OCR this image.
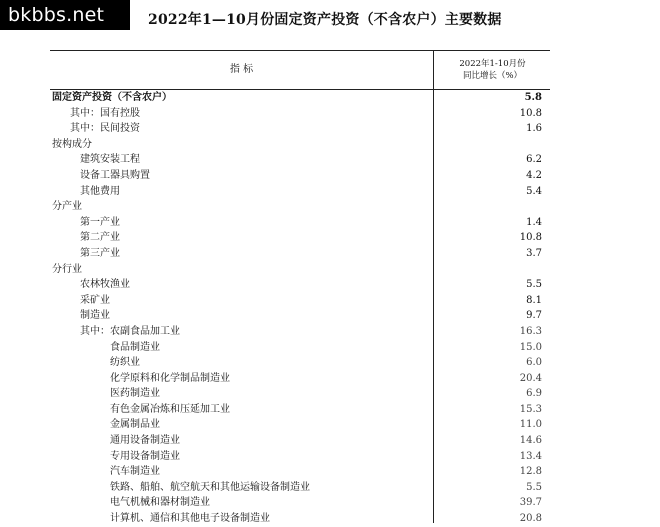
bkbbs.net	2022年1—10月份固定资产投资（不含农户）主要数据
指 标	2022年1-10月份
同比增长（%）
固定资产投资（不含农户）	5.8
其中：国有控股	10.8
其中：民间投资	1.6
按构成分
建筑安装工程	6.2
设备工器具购置	4.2
其他费用	5.4
分产业
第一产业	1.4
第二产业	10.8
第三产业	3.7
分行业
农林牧渔业	5.5
采矿业	8.1
制造业	9.7
其中：农副食品加工业	16.3
食品制造业	15.0
纺织业	6.0
化学原料和化学制品制造业	20.4
医药制造业	6.9
有色金属冶炼和压延加工业	15.3
金属制品业	11.0
通用设备制造业	14.6
专用设备制造业	13.4
汽车制造业	12.8
铁路、船舶、航空航天和其他运输设备制造业	5.5
电气机械和器材制造业	39.7
计算机、通信和其他电子设备制造业	20.8
